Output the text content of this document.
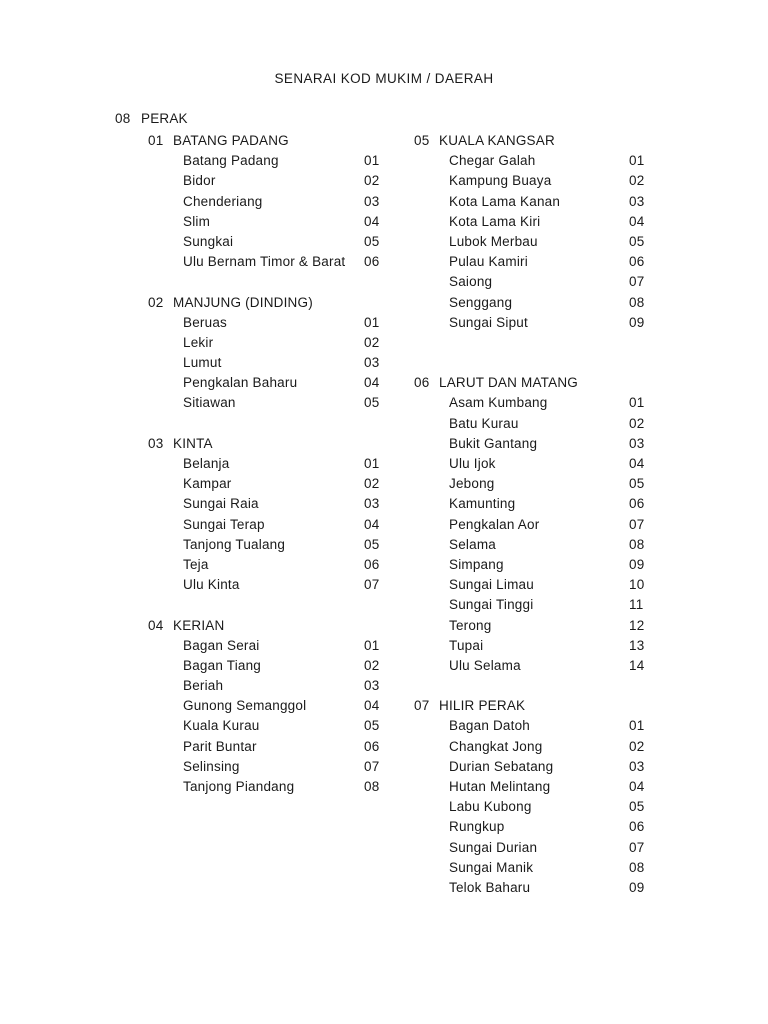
SENARAI KOD MUKIM / DAERAH
08 PERAK
01 BATANG PADANG
Batang Padang	01
Bidor	02
Chenderiang	03
Slim	04
Sungkai	05
Ulu Bernam Timor & Barat 06
02 MANJUNG (DINDING)
Beruas	01
Lekir	02
Lumut	03
Pengkalan Baharu	04
Sitiawan	05
03 KINTA
Belanja	01
Kampar	02
Sungai Raia	03
Sungai Terap	04
Tanjong Tualang	05
Teja	06
Ulu Kinta	07
04 KERIAN
Bagan Serai	01
Bagan Tiang	02
Beriah	03
Gunong Semanggol	04
Kuala Kurau	05
Parit Buntar	06
Selinsing	07
Tanjong Piandang	08
05 KUALA KANGSAR
Chegar Galah	01
Kampung Buaya	02
Kota Lama Kanan	03
Kota Lama Kiri	04
Lubok Merbau	05
Pulau Kamiri	06
Saiong	07
Senggang	08
Sungai Siput	09
06 LARUT DAN MATANG
Asam Kumbang	01
Batu Kurau	02
Bukit Gantang	03
Ulu Ijok	04
Jebong	05
Kamunting	06
Pengkalan Aor	07
Selama	08
Simpang	09
Sungai Limau	10
Sungai Tinggi	11
Terong	12
Tupai	13
Ulu Selama	14
07 HILIR PERAK
Bagan Datoh	01
Changkat Jong	02
Durian Sebatang	03
Hutan Melintang	04
Labu Kubong	05
Rungkup	06
Sungai Durian	07
Sungai Manik	08
Telok Baharu	09
